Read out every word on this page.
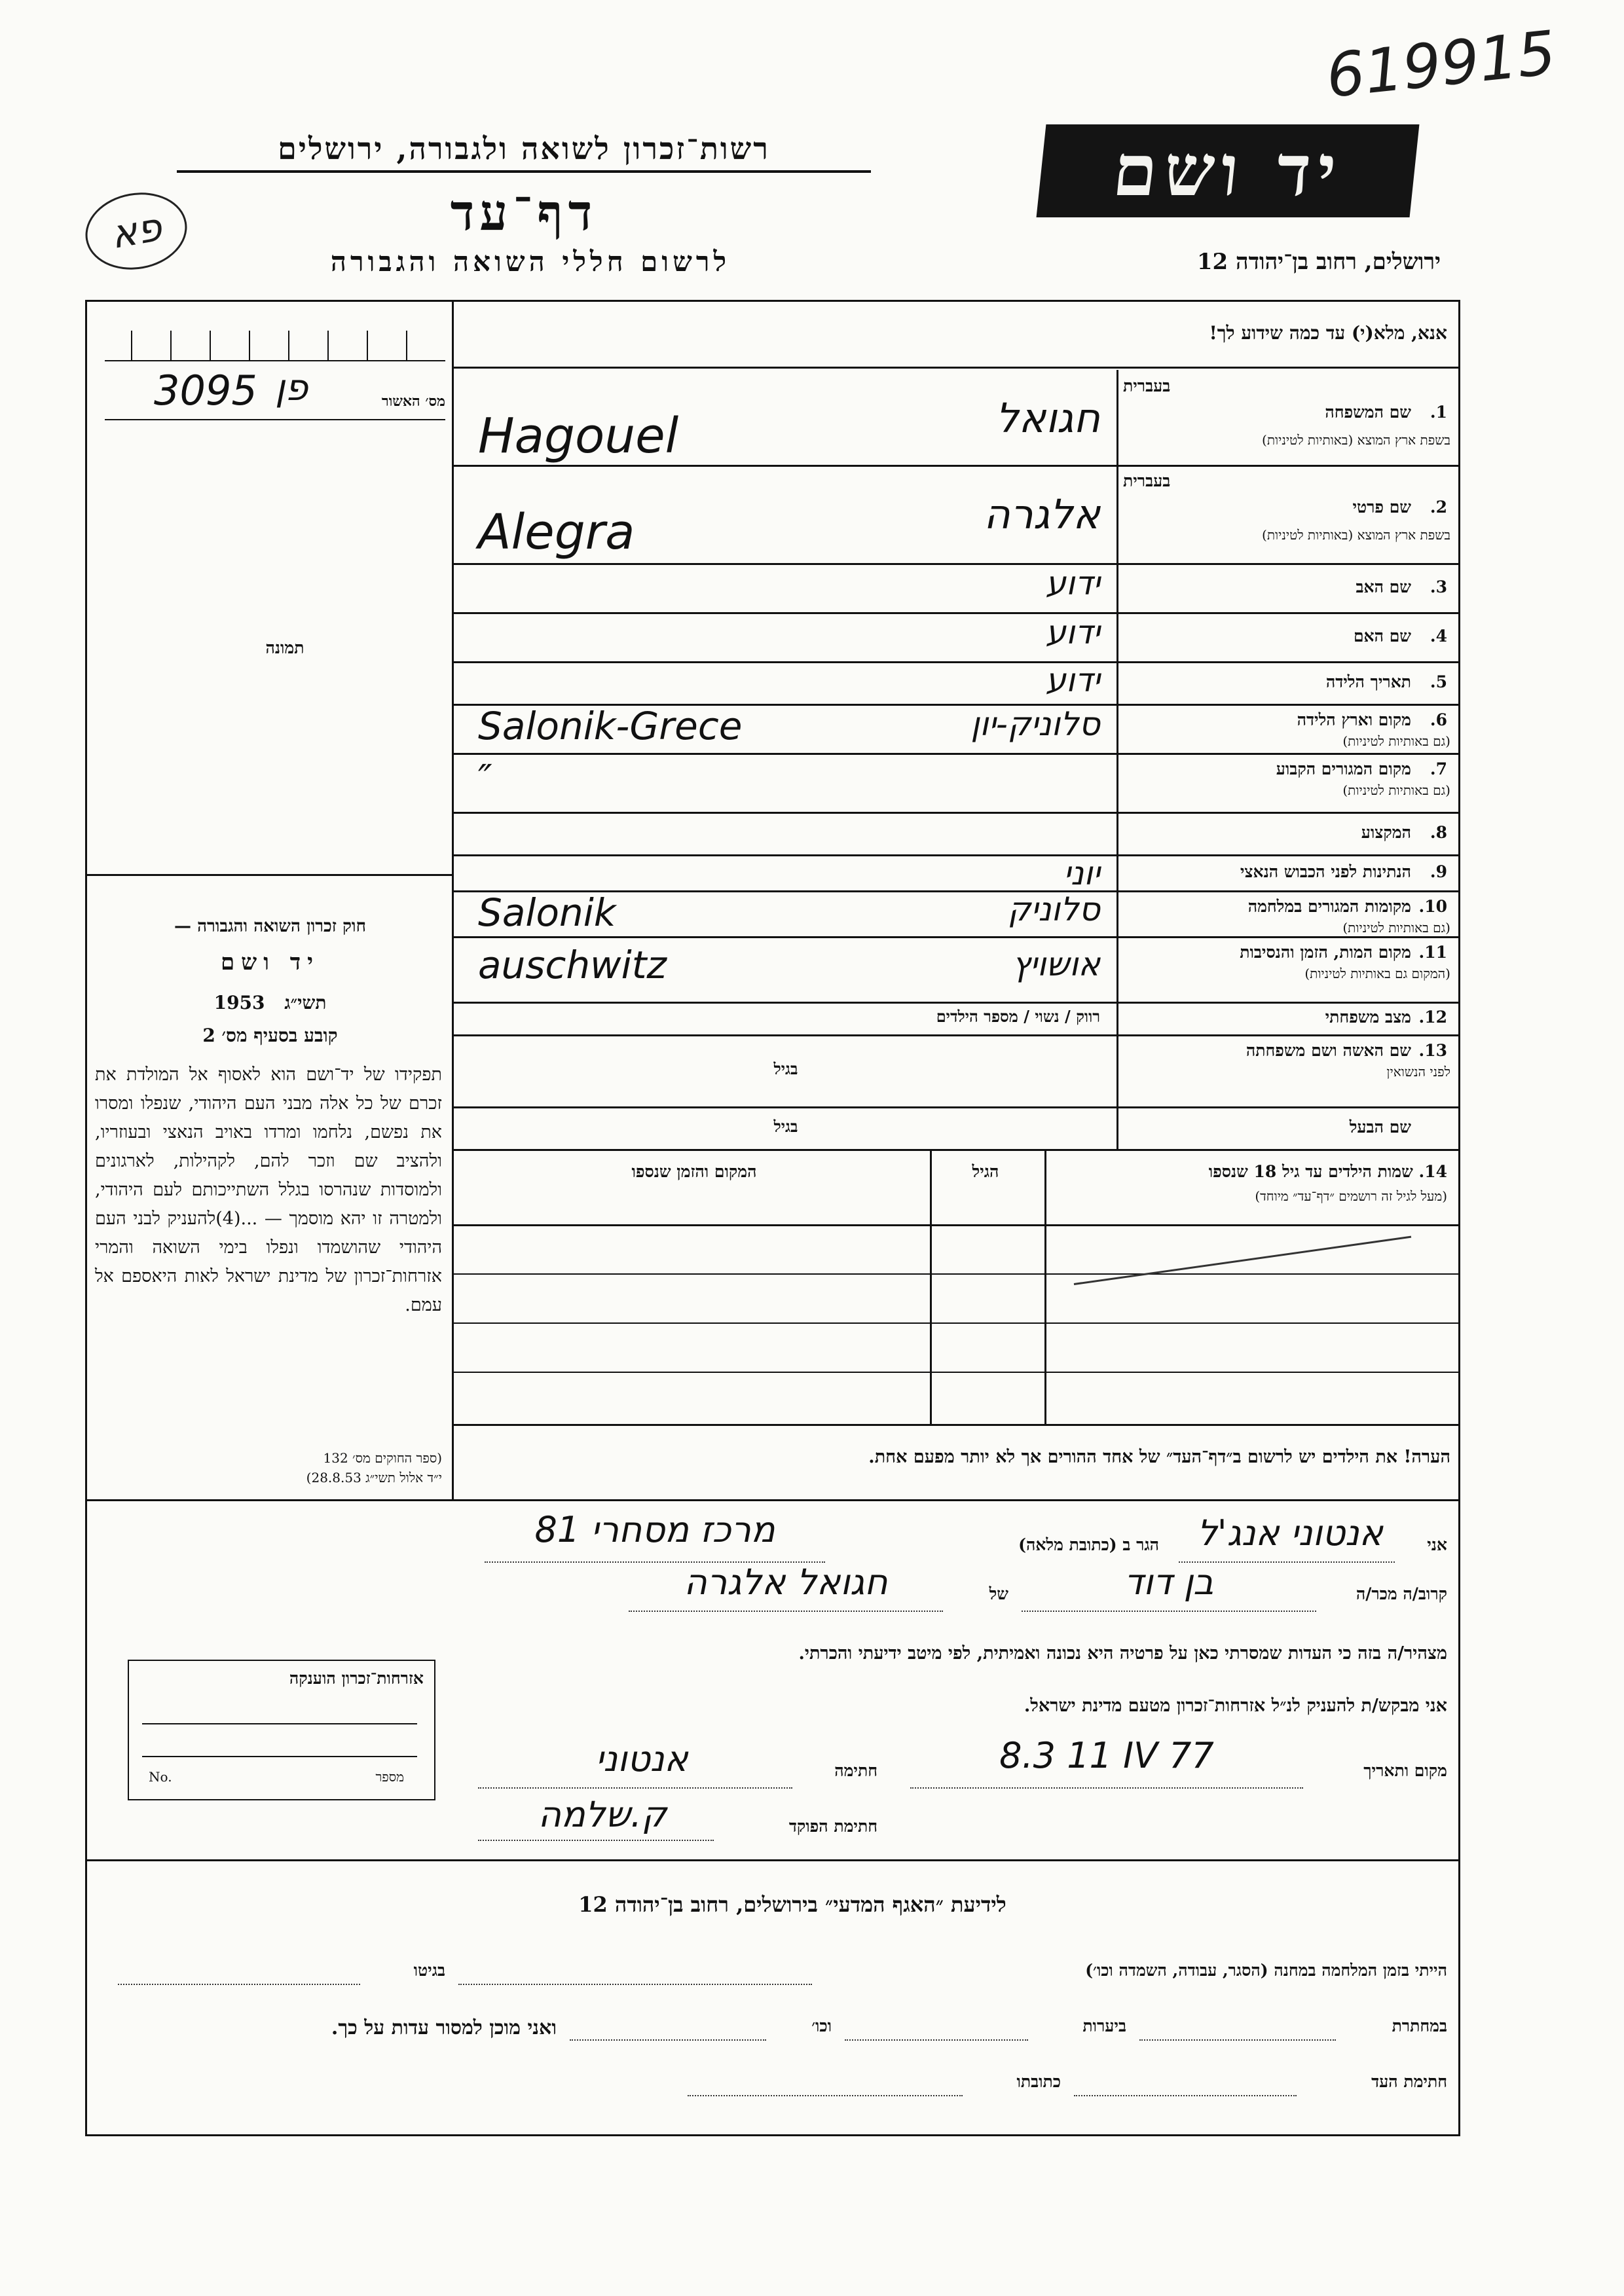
619915
רשות־זכרון לשואה ולגבורה, ירושלים	יד ושם
דף־עד
פא
לרשום חללי השואה והגבורה	ירושלים, רחוב בן־יהודה 12
אנא, מלא(י) עד כמה שידוע לך!
מס׳ האשור
3095 פן
תמונה
חוק זכרון השואה והגבורה —
יד ושם
1953 תשי״ג
קובע בסעיף מס׳ 2
תפקידו של יד־ושם הוא לאסוף אל המולדת את זכרם של כל אלה מבני העם היהודי, שנפלו ומסרו את נפשם, נלחמו ומרדו באויב הנאצי ובעוזריו, ולהציב שם וזכר להם, לקהילות, לארגונים ולמוסדות שנהרסו בגלל השתייכותם לעם היהודי, ולמטרה זו יהא מוסמך — ...(4)להעניק לבני העם היהודי שהושמדו ונפלו בימי השואה והמרי אזרחות־זכרון של מדינת ישראל לאות היאספם אל עמם.
(ספר החוקים מס׳ 132
י״ד אלול תשי״ג 28.8.53)
שם המשפחה	1.
בשפת ארץ המוצא (באותיות לטיניות)
בעברית
חגואל
Hagouel
שם פרטי	2.
בשפת ארץ המוצא (באותיות לטיניות)
בעברית
אלגרה
Alegra
שם האב	3.
ידוע
שם האם	4.
ידוע
תאריך הלידה	5.
ידוע
מקום וארץ הלידה	6.
(גם באותיות לטיניות)
סלוניק-יון
Salonik-Grece
מקום המגורים הקבוע	7.
(גם באותיות לטיניות)
″
המקצוע	8.
הנתינות לפני הכבוש הנאצי	9.
יוני
מקומות המגורים במלחמה 10.
(גם באותיות לטיניות)
סלוניק
Salonik
מקום המות, הזמן והנסיבות 11.
(המקום גם באותיות לטיניות)
אושויץ
auschwitz
מצב משפחתי 12.
רווק / נשוי / מספר הילדים
שם האשה ושם משפחתה 13.
לפני הנשואין
בגיל
שם הבעל
בגיל
14. שמות הילדים עד גיל 18 שנספו
(מעל לגיל זה רושמים ״דף־עד״ מיוחד)
הגיל
המקום והזמן שנספו
הערה! את הילדים יש לרשום ב״דף־העד״ של אחד ההורים אך לא יותר מפעם אחת.
אני
אנטוני אנג'ל
הגר ב (כתובת מלאה)
מרכז מסחרי 81
קרוב/ה מכר/ה
בן דוד
של
חגואל אלגרה
מצהיר/ה בזה כי העדות שמסרתי כאן על פרטיה היא נכונה ואמיתית, לפי מיטב ידיעתי והכרתי.
אני מבקש/ת להעניק לנ״ל אזרחות־זכרון מטעם מדינת ישראל.
מקום ותאריך
8.3 11 IV 77
חתימה
אנטוני
חתימת הפוקד
ק.שלמה
אזרחות־זכרון הוענקה
מספר
No.
לידיעת ״האגף המדעי״ בירושלים, רחוב בן־יהודה 12
הייתי בזמן המלחמה במחנה (הסגר, עבודה, השמדה וכו׳)
בגיטו
במחתרת
ביערות
וכו׳
ואני מוכן למסור עדות על כך.
חתימת העד
כתובתו
